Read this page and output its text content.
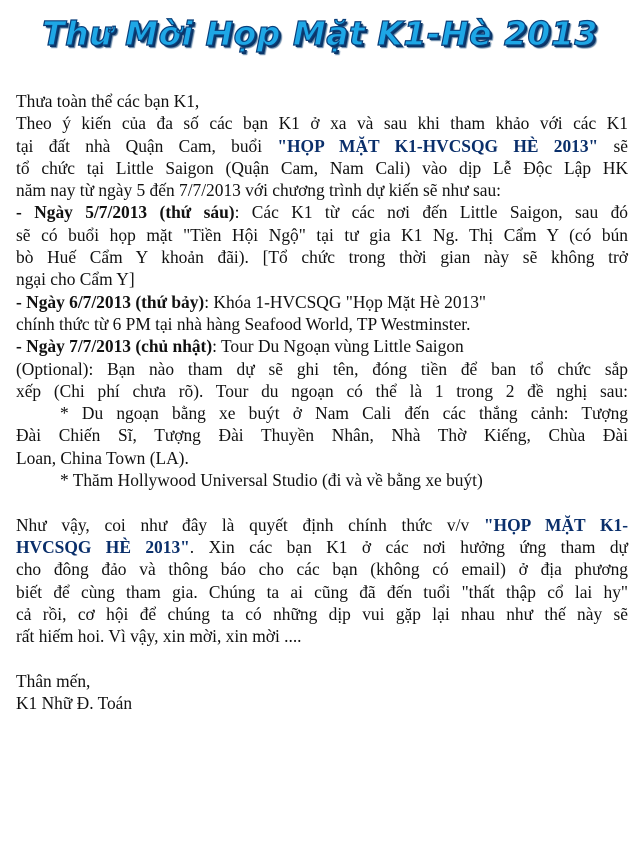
Thư Mời Họp Mặt K1-Hè 2013
Thưa toàn thể các bạn K1,
Theo ý kiến của đa số các bạn K1 ở xa và sau khi tham khảo với các K1
tại đất nhà Quận Cam, buổi "HỌP MẶT K1-HVCSQG HÈ 2013" sẽ
tổ chức tại Little Saigon (Quận Cam, Nam Cali) vào dịp Lễ Độc Lập HK
năm nay từ ngày 5 đến 7/7/2013 với chương trình dự kiến sẽ như sau:
- Ngày 5/7/2013 (thứ sáu): Các K1 từ các nơi đến Little Saigon, sau đó
sẽ có buổi họp mặt "Tiền Hội Ngộ" tại tư gia K1 Ng. Thị Cẩm Y (có bún
bò Huế Cẩm Y khoản đãi). [Tổ chức trong thời gian này sẽ không trở
ngại cho Cẩm Y]
- Ngày 6/7/2013 (thứ bảy): Khóa 1-HVCSQG "Họp Mặt Hè 2013"
chính thức từ 6 PM tại nhà hàng Seafood World, TP Westminster.
- Ngày 7/7/2013 (chủ nhật): Tour Du Ngoạn vùng Little Saigon
(Optional): Bạn nào tham dự sẽ ghi tên, đóng tiền để ban tổ chức sắp
xếp (Chi phí chưa rõ). Tour du ngoạn có thể là 1 trong 2 đề nghị sau:
* Du ngoạn bằng xe buýt ở Nam Cali đến các thắng cảnh: Tượng
Đài Chiến Sĩ, Tượng Đài Thuyền Nhân, Nhà Thờ Kiếng, Chùa Đài
Loan, China Town (LA).
* Thăm Hollywood Universal Studio (đi và về bằng xe buýt)
Như vậy, coi như đây là quyết định chính thức v/v "HỌP MẶT K1-
HVCSQG HÈ 2013". Xin các bạn K1 ở các nơi hưởng ứng tham dự
cho đông đảo và thông báo cho các bạn (không có email) ở địa phương
biết để cùng tham gia. Chúng ta ai cũng đã đến tuổi "thất thập cổ lai hy"
cả rồi, cơ hội để chúng ta có những dịp vui gặp lại nhau như thế này sẽ
rất hiếm hoi. Vì vậy, xin mời, xin mời ....
Thân mến,
K1 Nhữ Đ. Toán
